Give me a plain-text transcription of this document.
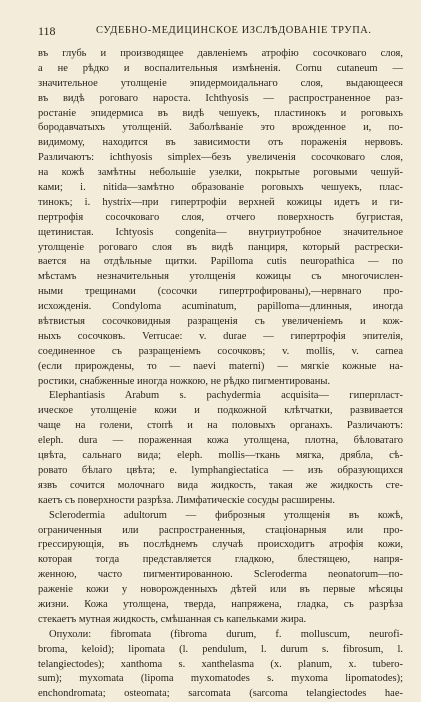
118	СУДЕБНО-МЕДИЦИНСКОЕ ИЗСЛѢДОВАНІЕ ТРУПА.
въ глубь и производящее давленіемъ атрофію сосочковаго слоя,
а не рѣдко и воспалительныя измѣненія. Cornu cutaneum —
значительное утолщеніе эпидермоидальнаго слоя, выдающееся
въ видѣ роговаго нароста. Ichthyosis — распространенное раз-
ростаніе эпидермиса въ видѣ чешуекъ, пластинокъ и роговыхъ
бородавчатыхъ утолщеній. Заболѣваніе это врожденное и, по-
видимому, находится въ зависимости отъ пораженія нервовъ.
Различаютъ: ichthyosis simplex—безъ увеличенія сосочковаго слоя,
на кожѣ замѣтны небольшіе узелки, покрытые роговыми чешуй-
ками; i. nitida—замѣтно образованіе роговыхъ чешуекъ, плас-
тинокъ; i. hystrix—при гипертрофіи верхней кожицы идетъ и ги-
пертрофія сосочковаго слоя, отчего поверхность бугристая,
щетинистая. Ichtyosis congenita— внутриутробное значительное
утолщеніе роговаго слоя въ видѣ панциря, который растрески-
вается на отдѣльные щитки. Papilloma cutis neuropathica — по
мѣстамъ незначительныя утолщенія кожицы съ многочислен-
ными трещинами (сосочки гипертрофированы),—нервнаго про-
исхожденія. Condyloma acuminatum, papilloma—длинныя, иногда
вѣтвистыя сосочковидныя разращенія съ увеличеніемъ и кож-
ныхъ сосочковъ. Verrucae: v. durae — гипертрофія эпителія,
соединенное съ разращеніемъ сосочковъ; v. mollis, v. carnea
(если прирождены, то — naevi materni) — мягкіе кожные на-
ростики, снабженные иногда ножкою, не рѣдко пигментированы.
Elephantiasis Arabum s. pachydermia acquisita— гиперпласт-
ическое утолщеніе кожи и подкожной клѣтчатки, развивается
чаще на голени, стопѣ и на половыхъ органахъ. Различаютъ:
eleph. dura — пораженная кожа утолщена, плотна, бѣловатаго
цвѣта, сальнаго вида; eleph. mollis—ткань мягка, дрябла, сѣ-
ровато бѣлаго цвѣта; e. lymphangiectatica — изъ образующихся
язвъ сочится молочнаго вида жидкость, такая же жидкость сте-
каетъ съ поверхности разрѣза. Лимфатическіе сосуды расширены.
Sclerodermia adultorum — фиброзныя утолщенія въ кожѣ,
ограниченныя или распространенныя, стаціонарныя или про-
грессирующія, въ послѣднемъ случаѣ происходитъ атрофія кожи,
которая тогда представляется гладкою, блестящею, напря-
женною, часто пигментированною. Scleroderma neonatorum—по-
раженіе кожи у новорожденныхъ дѣтей или въ первые мѣсяцы
жизни. Кожа утолщена, тверда, напряжена, гладка, съ разрѣза
стекаетъ мутная жидкость, смѣшанная съ капельками жира.
Опухоли: fibromata (fibroma durum, f. molluscum, neurofi-
broma, keloid); lipomata (l. pendulum, l. durum s. fibrosum, l.
telangiectodes); xanthoma s. xanthelasma (x. planum, x. tubero-
sum); myxomata (lipoma myxomatodes s. myxoma lipomatodes);
enchondromata; osteomata; sarcomata (sarcoma telangiectodes hae-
